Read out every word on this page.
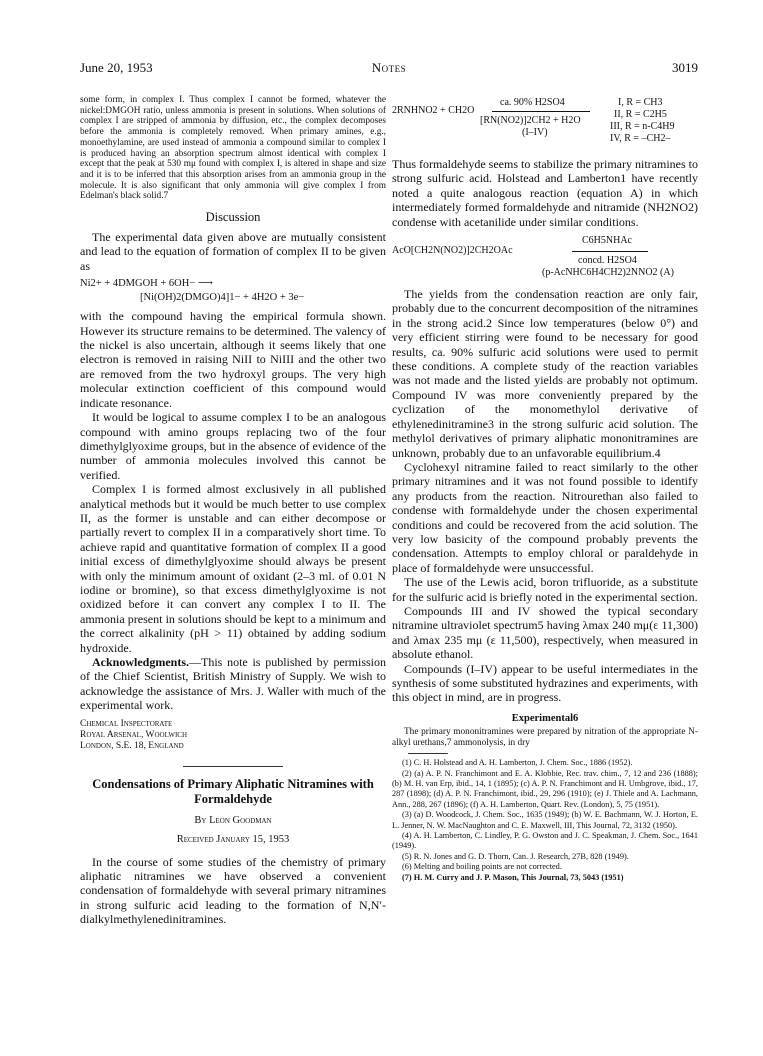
June 20, 1953	Notes	3019

some form, in complex I. Thus complex I cannot be formed, whatever the nickel:DMGOH ratio, unless ammonia is present in solutions. When solutions of complex I are stripped of ammonia by diffusion, etc., the complex decomposes before the ammonia is completely removed. When primary amines, e.g., monoethylamine, are used instead of ammonia a compound similar to complex I is produced having an absorption spectrum almost identical with complex I except that the peak at 530 mμ found with complex I, is altered in shape and size and it is to be inferred that this absorption arises from an ammonia group in the molecule. It is also significant that only ammonia will give complex I from Edelman's black solid.7

Discussion

The experimental data given above are mutually consistent and lead to the equation of formation of complex II to be given as

Ni2+ + 4DMGOH + 6OH− ⟶
[Ni(OH)2(DMGO)4]1− + 4H2O + 3e−

with the compound having the empirical formula shown. However its structure remains to be determined. The valency of the nickel is also uncertain, although it seems likely that one electron is removed in raising NiII to NiIII and the other two are removed from the two hydroxyl groups. The very high molecular extinction coefficient of this compound would indicate resonance.

It would be logical to assume complex I to be an analogous compound with amino groups replacing two of the four dimethylglyoxime groups, but in the absence of evidence of the number of ammonia molecules involved this cannot be verified.

Complex I is formed almost exclusively in all published analytical methods but it would be much better to use complex II, as the former is unstable and can either decompose or partially revert to complex II in a comparatively short time. To achieve rapid and quantitative formation of complex II a good initial excess of dimethylglyoxime should always be present with only the minimum amount of oxidant (2–3 ml. of 0.01 N iodine or bromine), so that excess dimethylglyoxime is not oxidized before it can convert any complex I to II. The ammonia present in solutions should be kept to a minimum and the correct alkalinity (pH > 11) obtained by adding sodium hydroxide.

Acknowledgments.—This note is published by permission of the Chief Scientist, British Ministry of Supply. We wish to acknowledge the assistance of Mrs. J. Waller with much of the experimental work.

Chemical Inspectorate
Royal Arsenal, Woolwich
London, S.E. 18, England
Condensations of Primary Aliphatic Nitramines with Formaldehyde
By Leon Goodman
Received January 15, 1953

In the course of some studies of the chemistry of primary aliphatic nitramines we have observed a convenient condensation of formaldehyde with several primary nitramines in strong sulfuric acid leading to the formation of N,N′-dialkylmethylenedinitramines.

2RNHNO2 + CH2O
ca. 90% H2SO4
[RN(NO2)]2CH2 + H2O
(I–IV)
I, R = CH3
II, R = C2H5
III, R = n-C4H9
IV, R = –CH2–

Thus formaldehyde seems to stabilize the primary nitramines to strong sulfuric acid. Holstead and Lamberton1 have recently noted a quite analogous reaction (equation A) in which intermediately formed formaldehyde and nitramide (NH2NO2) condense with acetanilide under similar conditions.

C6H5NHAc
AcO[CH2N(NO2)]2CH2OAc
concd. H2SO4
(p-AcNHC6H4CH2)2NNO2 (A)

The yields from the condensation reaction are only fair, probably due to the concurrent decomposition of the nitramines in the strong acid.2 Since low temperatures (below 0°) and very efficient stirring were found to be necessary for good results, ca. 90% sulfuric acid solutions were used to permit these conditions. A complete study of the reaction variables was not made and the listed yields are probably not optimum. Compound IV was more conveniently prepared by the cyclization of the monomethylol derivative of ethylenedinitramine3 in the strong sulfuric acid solution. The methylol derivatives of primary aliphatic mononitramines are unknown, probably due to an unfavorable equilibrium.4

Cyclohexyl nitramine failed to react similarly to the other primary nitramines and it was not found possible to identify any products from the reaction. Nitrourethan also failed to condense with formaldehyde under the chosen experimental conditions and could be recovered from the acid solution. The very low basicity of the compound probably prevents the condensation. Attempts to employ chloral or paraldehyde in place of formaldehyde were unsuccessful.

The use of the Lewis acid, boron trifluoride, as a substitute for the sulfuric acid is briefly noted in the experimental section.

Compounds III and IV showed the typical secondary nitramine ultraviolet spectrum5 having λmax 240 mμ(ε 11,300) and λmax 235 mμ (ε 11,500), respectively, when measured in absolute ethanol.

Compounds (I–IV) appear to be useful intermediates in the synthesis of some substituted hydrazines and experiments, with this object in mind, are in progress.

Experimental6

The primary mononitramines were prepared by nitration of the appropriate N-alkyl urethans,7 ammonolysis, in dry

(1) C. H. Holstead and A. H. Lamberton, J. Chem. Soc., 1886 (1952).

(2) (a) A. P. N. Franchimont and E. A. Klobbie, Rec. trav. chim., 7, 12 and 236 (1888); (b) M. H. van Erp, ibid., 14, 1 (1895); (c) A. P. N. Franchimont and H. Umbgrove, ibid., 17, 287 (1898); (d) A. P. N. Franchimont, ibid., 29, 296 (1910); (e) J. Thiele and A. Lachmann, Ann., 288, 267 (1896); (f) A. H. Lamberton, Quart. Rev. (London), 5, 75 (1951).

(3) (a) D. Woodcock, J. Chem. Soc., 1635 (1949); (b) W. E. Bachmann, W. J. Horton, E. L. Jenner, N. W. MacNaughton and C. E. Maxwell, III, This Journal, 72, 3132 (1950).

(4) A. H. Lamberton, C. Lindley, P. G. Owston and J. C. Speakman, J. Chem. Soc., 1641 (1949).

(5) R. N. Jones and G. D. Thorn, Can. J. Research, 27B, 828 (1949).

(6) Melting and boiling points are not corrected.

(7) H. M. Curry and J. P. Mason, This Journal, 73, 5043 (1951)
